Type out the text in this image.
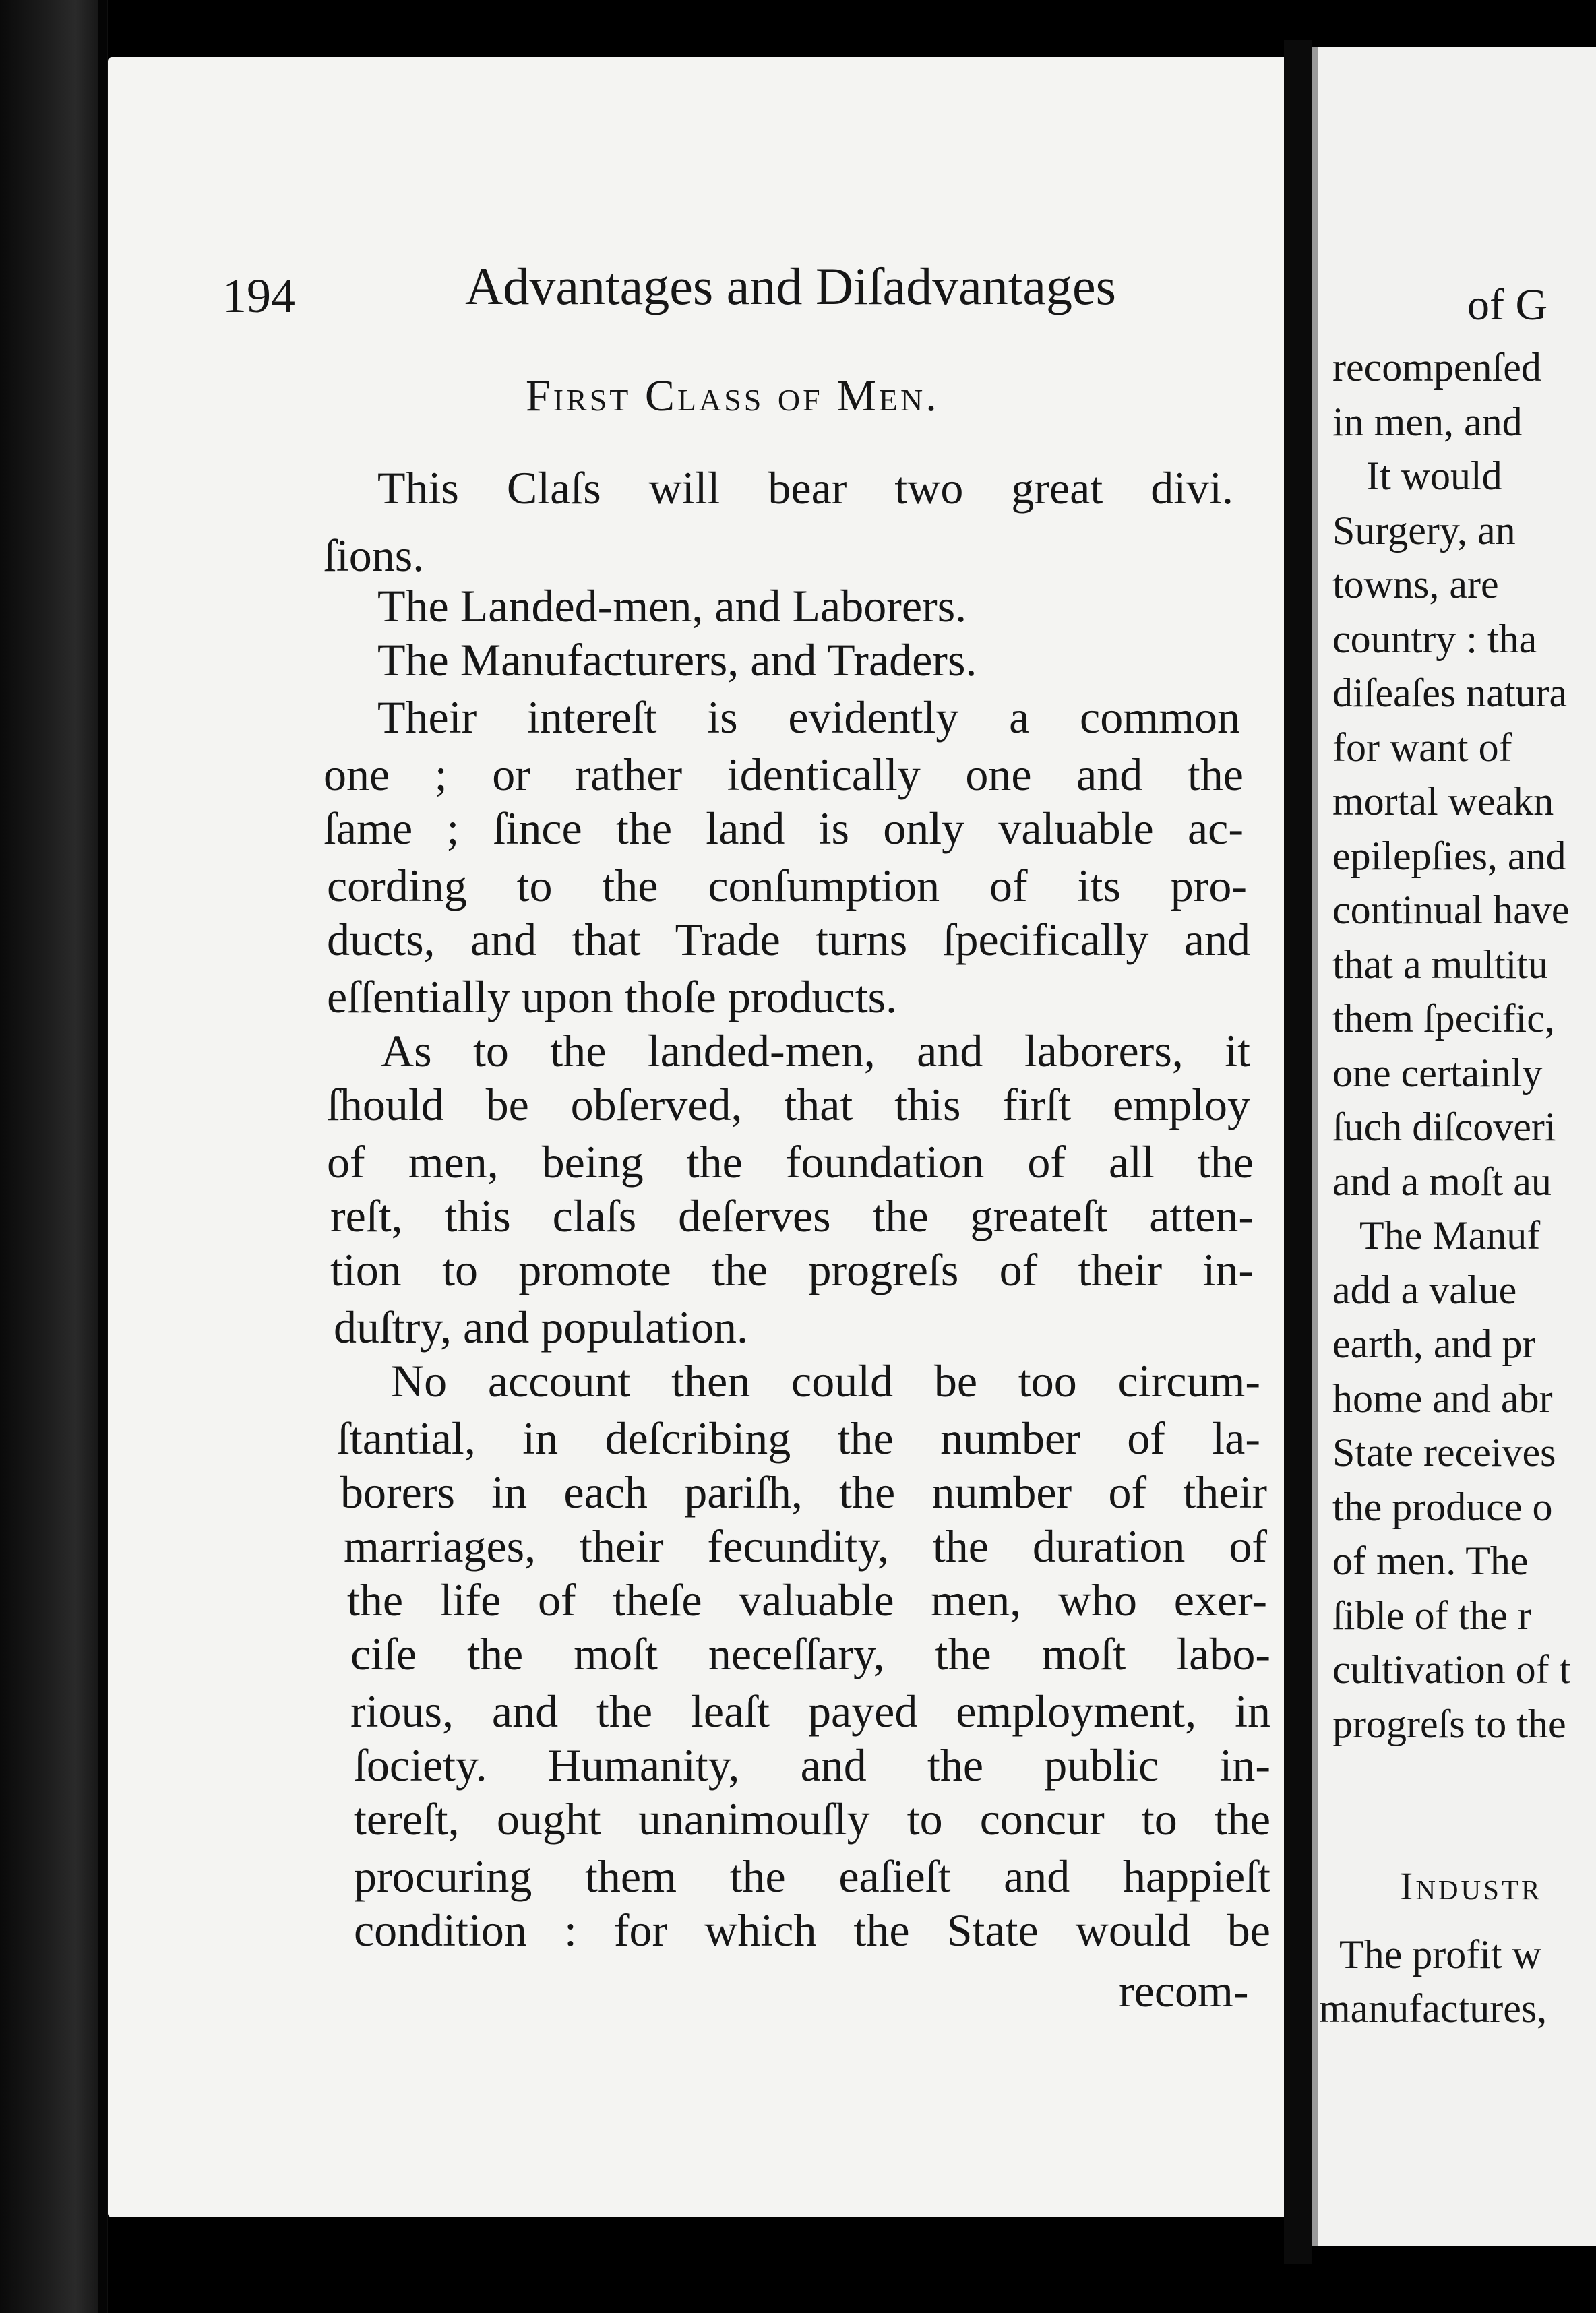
of G
recompenſed
in men, and
It would
Surgery, an
towns, are
country : tha
diſeaſes natura
for want of
mortal weakn
epilepſies, and
continual have
that a multitu
them ſpecific,
one certainly
ſuch diſcoveri
and a moſt au
The Manuf
add a value
earth, and pr
home and abr
State receives
the produce o
of men. The
ſible of the r
cultivation of t
progreſs to the
Industr
The profit w
manufactures,
194	Advantages and Diſadvantages
First Class of Men.
This Claſs will bear two great divi.
ſions.
The Landed-men, and Laborers.
The Manufacturers, and Traders.
Their intereſt is evidently a common
one ; or rather identically one and the
ſame ; ſince the land is only valuable ac-
cording to the conſumption of its pro-
ducts, and that Trade turns ſpecifically and
eſſentially upon thoſe products.
As to the landed-men, and laborers, it
ſhould be obſerved, that this firſt employ
of men, being the foundation of all the
reſt, this claſs deſerves the greateſt atten-
tion to promote the progreſs of their in-
duſtry, and population.
No account then could be too circum-
ſtantial, in deſcribing the number of la-
borers in each pariſh, the number of their
marriages, their fecundity, the duration of
the life of theſe valuable men, who exer-
ciſe the moſt neceſſary, the moſt labo-
rious, and the leaſt payed employment, in
ſociety. Humanity, and the public in-
tereſt, ought unanimouſly to concur to the
procuring them the eaſieſt and happieſt
condition : for which the State would be
recom-
